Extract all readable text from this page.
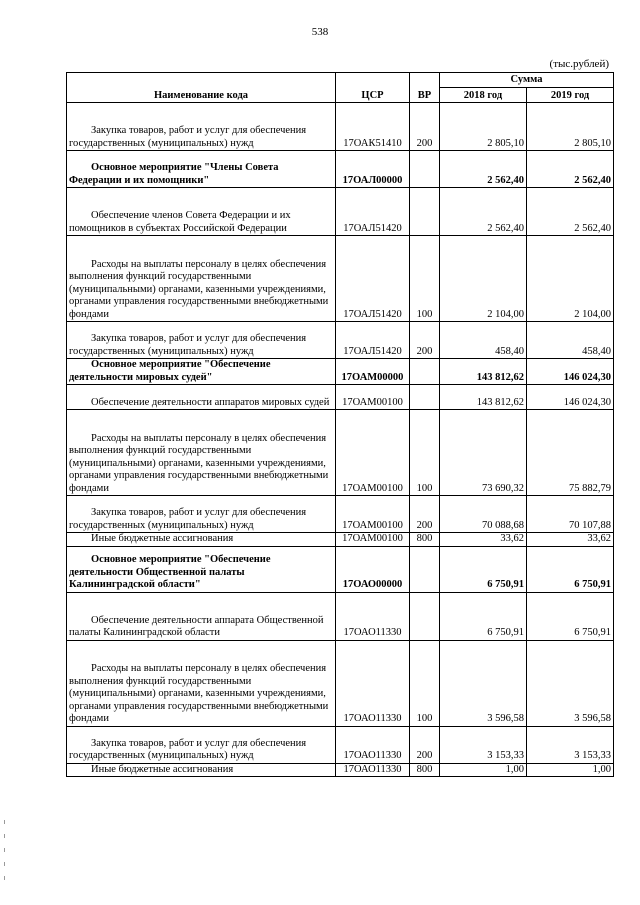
538
(тыс.рублей)
Наименование кода	ЦСР	ВР	Сумма	
			2018 год	2019 год
Закупка товаров, работ и услуг для обеспечения государственных (муниципальных) нужд	17ОАК51410	200	2 805,10	2 805,10
Основное мероприятие "Члены Совета Федерации и их помощники"	17ОАЛ00000		2 562,40	2 562,40
Обеспечение членов Совета Федерации и их помощников в субъектах Российской Федерации	17ОАЛ51420		2 562,40	2 562,40
Расходы на выплаты персоналу в целях обеспечения выполнения функций государственными (муниципальными) органами, казенными учреждениями, органами управления государственными внебюджетными фондами	17ОАЛ51420	100	2 104,00	2 104,00
Закупка товаров, работ и услуг для обеспечения государственных (муниципальных) нужд	17ОАЛ51420	200	458,40	458,40
Основное мероприятие "Обеспечение деятельности мировых судей"	17ОАМ00000		143 812,62	146 024,30
Обеспечение деятельности аппаратов мировых судей	17ОАМ00100		143 812,62	146 024,30
Расходы на выплаты персоналу в целях обеспечения выполнения функций государственными (муниципальными) органами, казенными учреждениями, органами управления государственными внебюджетными фондами	17ОАМ00100	100	73 690,32	75 882,79
Закупка товаров, работ и услуг для обеспечения государственных (муниципальных) нужд	17ОАМ00100	200	70 088,68	70 107,88
Иные бюджетные ассигнования	17ОАМ00100	800	33,62	33,62
Основное мероприятие "Обеспечение деятельности Общественной палаты Калининградской области"	17ОАО00000		6 750,91	6 750,91
Обеспечение деятельности аппарата Общественной палаты Калининградской области	17ОАО11330		6 750,91	6 750,91
Расходы на выплаты персоналу в целях обеспечения выполнения функций государственными (муниципальными) органами, казенными учреждениями, органами управления государственными внебюджетными фондами	17ОАО11330	100	3 596,58	3 596,58
Закупка товаров, работ и услуг для обеспечения государственных (муниципальных) нужд	17ОАО11330	200	3 153,33	3 153,33
Иные бюджетные ассигнования	17ОАО11330	800	1,00	1,00
